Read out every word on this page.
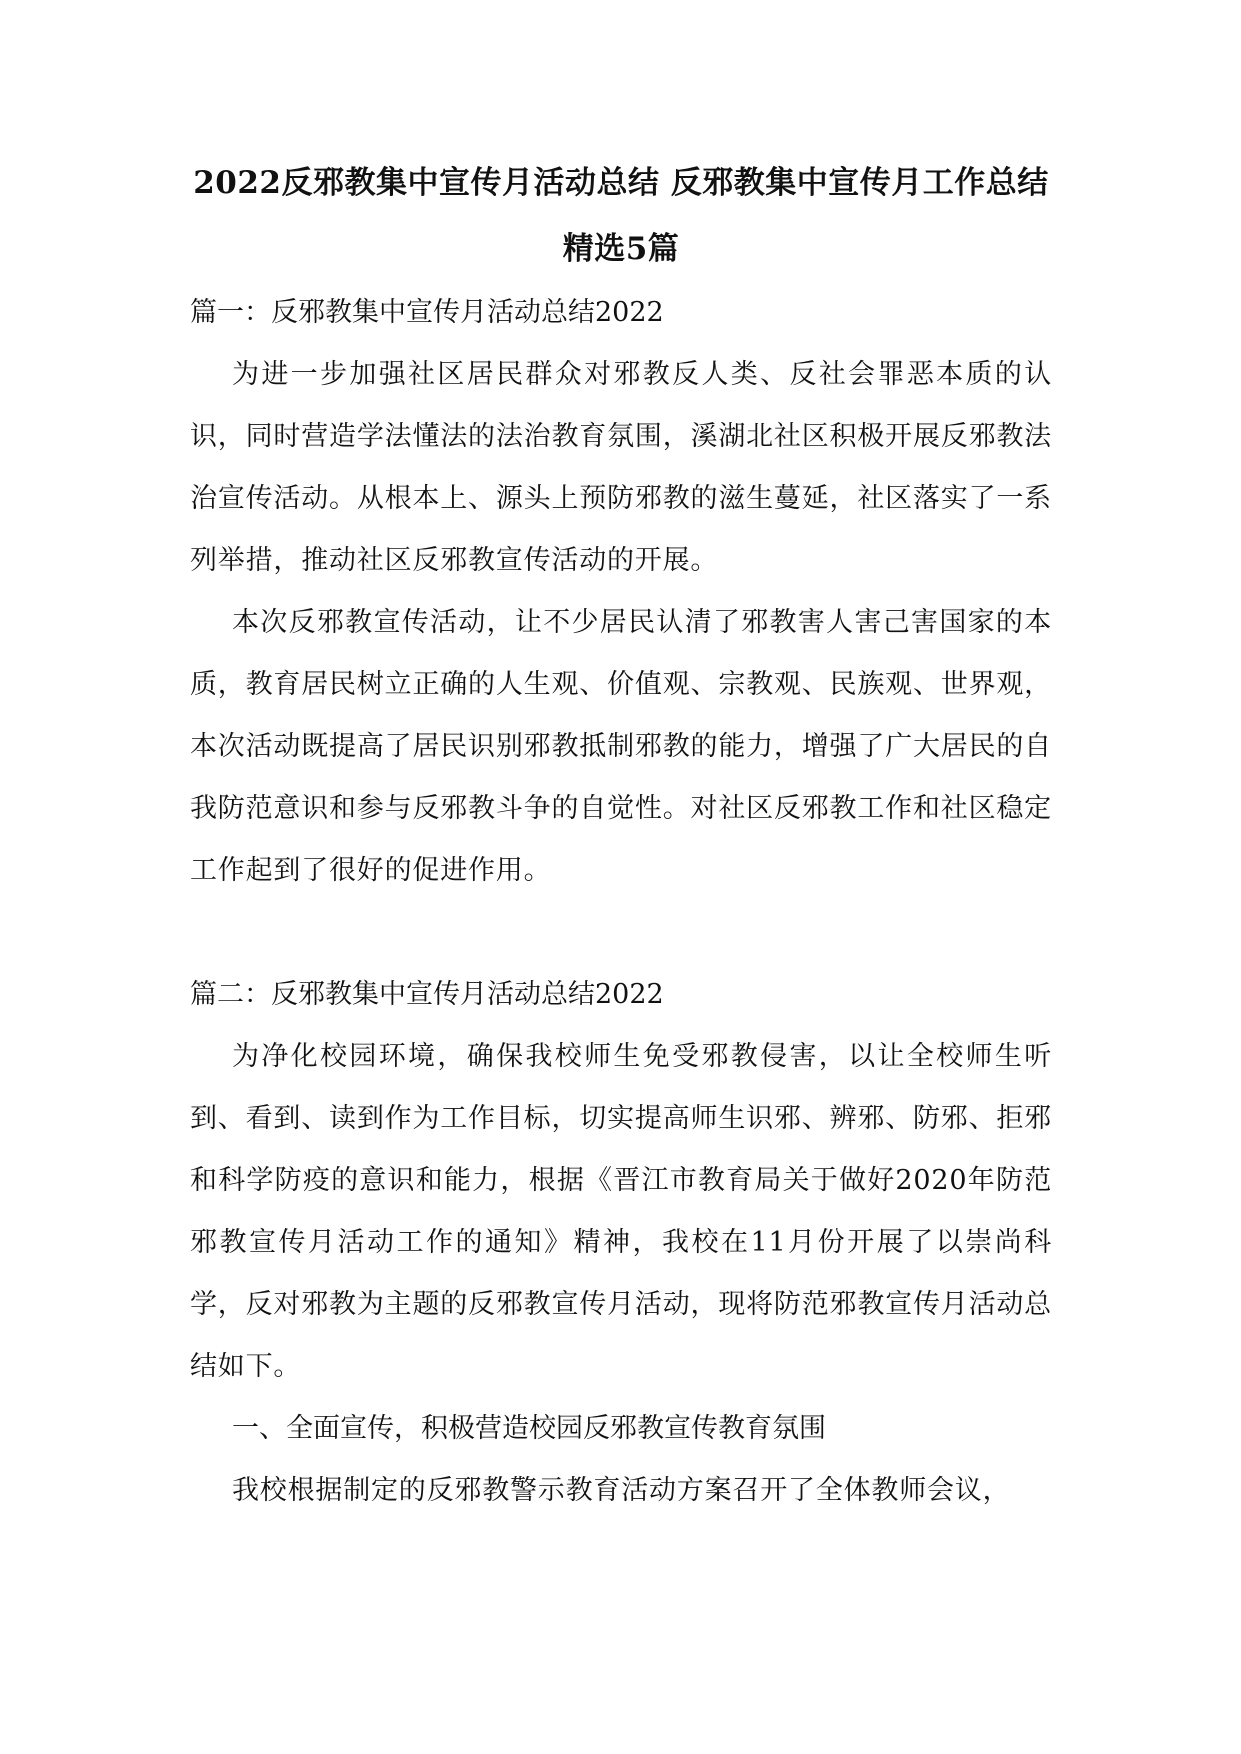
2022反邪教集中宣传月活动总结 反邪教集中宣传月工作总结精选5篇

篇一：反邪教集中宣传月活动总结2022

为进一步加强社区居民群众对邪教反人类、反社会罪恶本质的认识，同时营造学法懂法的法治教育氛围，溪湖北社区积极开展反邪教法治宣传活动。从根本上、源头上预防邪教的滋生蔓延，社区落实了一系列举措，推动社区反邪教宣传活动的开展。

本次反邪教宣传活动，让不少居民认清了邪教害人害己害国家的本质，教育居民树立正确的人生观、价值观、宗教观、民族观、世界观，本次活动既提高了居民识别邪教抵制邪教的能力，增强了广大居民的自我防范意识和参与反邪教斗争的自觉性。对社区反邪教工作和社区稳定工作起到了很好的促进作用。

篇二：反邪教集中宣传月活动总结2022

为净化校园环境，确保我校师生免受邪教侵害，以让全校师生听到、看到、读到作为工作目标，切实提高师生识邪、辨邪、防邪、拒邪和科学防疫的意识和能力，根据《晋江市教育局关于做好2020年防范邪教宣传月活动工作的通知》精神，我校在11月份开展了以崇尚科学，反对邪教为主题的反邪教宣传月活动，现将防范邪教宣传月活动总结如下。

一、全面宣传，积极营造校园反邪教宣传教育氛围

我校根据制定的反邪教警示教育活动方案召开了全体教师会议，
